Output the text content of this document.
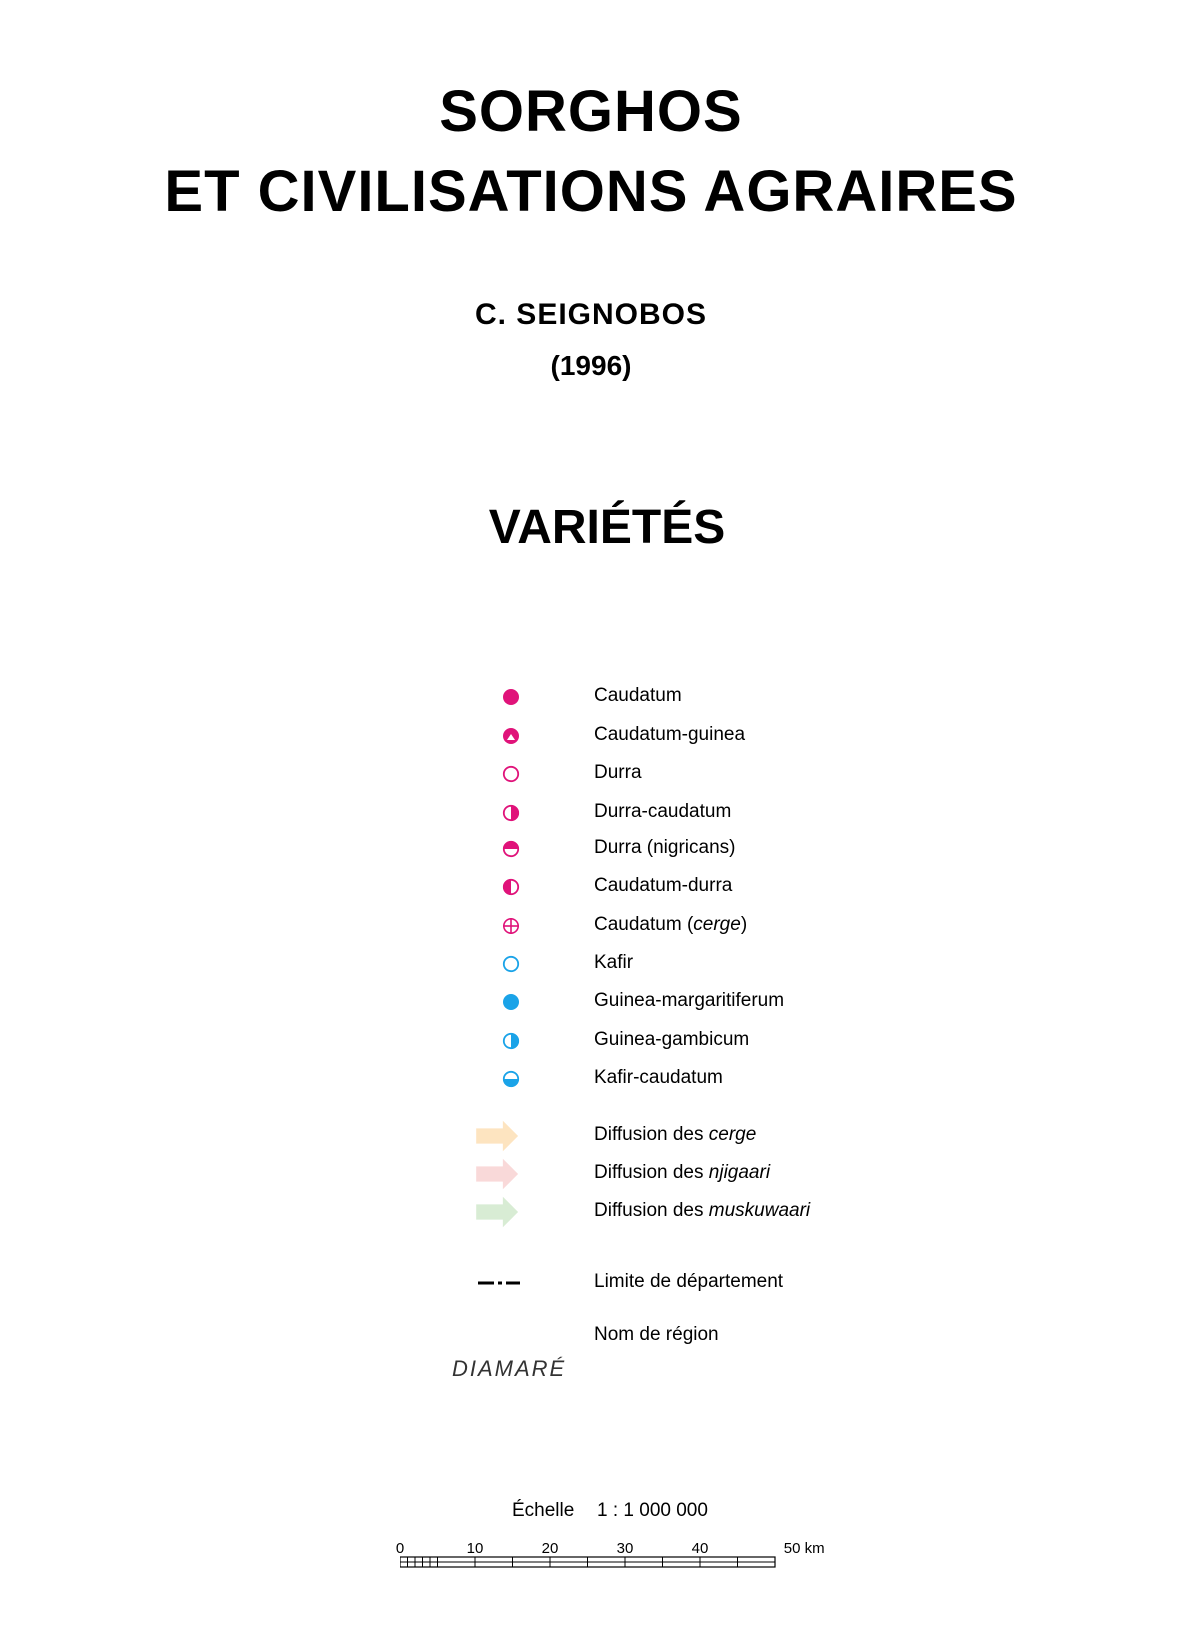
SORGHOS
ET CIVILISATIONS AGRAIRES
C. SEIGNOBOS
(1996)
VARIÉTÉS
Caudatum
Caudatum-guinea
Durra
Durra-caudatum
Durra (nigricans)
Caudatum-durra
Caudatum (cerge)
Kafir
Guinea-margaritiferum
Guinea-gambicum
Kafir-caudatum
Diffusion des cerge
Diffusion des njigaari
Diffusion des muskuwaari
Limite de département
Nom de région
DIAMARÉ
Échelle 1 : 1 000 000
0	10	20	30	40	50 km
